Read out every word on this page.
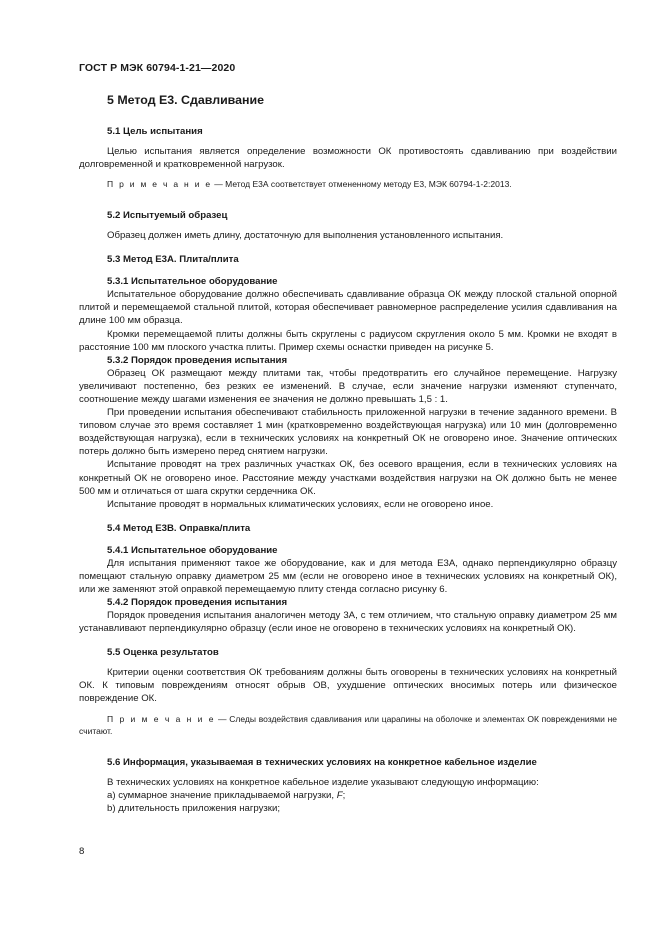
ГОСТ Р МЭК 60794-1-21—2020
5 Метод Е3. Сдавливание
5.1 Цель испытания

Целью испытания является определение возможности ОК противостоять сдавливанию при воздействии долговременной и кратковременной нагрузок.

П р и м е ч а н и е — Метод Е3А соответствует отмененному методу Е3, МЭК 60794-1-2:2013.
5.2 Испытуемый образец

Образец должен иметь длину, достаточную для выполнения установленного испытания.

5.3 Метод Е3А. Плита/плита
5.3.1 Испытательное оборудование

Испытательное оборудование должно обеспечивать сдавливание образца ОК между плоской стальной опорной плитой и перемещаемой стальной плитой, которая обеспечивает равномерное распределение усилия сдавливания на длине 100 мм образца.

Кромки перемещаемой плиты должны быть скруглены с радиусом скругления около 5 мм. Кромки не входят в расстояние 100 мм плоского участка плиты. Пример схемы оснастки приведен на рисунке 5.

5.3.2 Порядок проведения испытания

Образец ОК размещают между плитами так, чтобы предотвратить его случайное перемещение. Нагрузку увеличивают постепенно, без резких ее изменений. В случае, если значение нагрузки изменяют ступенчато, соотношение между шагами изменения ее значения не должно превышать 1,5 : 1.

При проведении испытания обеспечивают стабильность приложенной нагрузки в течение заданного времени. В типовом случае это время составляет 1 мин (кратковременно воздействующая нагрузка) или 10 мин (долговременно воздействующая нагрузка), если в технических условиях на конкретный ОК не оговорено иное. Значение оптических потерь должно быть измерено перед снятием нагрузки.

Испытание проводят на трех различных участках ОК, без осевого вращения, если в технических условиях на конкретный ОК не оговорено иное. Расстояние между участками воздействия нагрузки на ОК должно быть не менее 500 мм и отличаться от шага скрутки сердечника ОК.

Испытание проводят в нормальных климатических условиях, если не оговорено иное.

5.4 Метод Е3В. Оправка/плита
5.4.1 Испытательное оборудование

Для испытания применяют такое же оборудование, как и для метода Е3А, однако перпендикулярно образцу помещают стальную оправку диаметром 25 мм (если не оговорено иное в технических условиях на конкретный ОК), или же заменяют этой оправкой перемещаемую плиту стенда согласно рисунку 6.

5.4.2 Порядок проведения испытания

Порядок проведения испытания аналогичен методу 3А, с тем отличием, что стальную оправку диаметром 25 мм устанавливают перпендикулярно образцу (если иное не оговорено в технических условиях на конкретный ОК).

5.5 Оценка результатов

Критерии оценки соответствия ОК требованиям должны быть оговорены в технических условиях на конкретный ОК. К типовым повреждениям относят обрыв ОВ, ухудшение оптических вносимых потерь или физическое повреждение ОК.

П р и м е ч а н и е — Следы воздействия сдавливания или царапины на оболочке и элементах ОК повреждениями не считают.
5.6 Информация, указываемая в технических условиях на конкретное кабельное изделие

В технических условиях на конкретное кабельное изделие указывают следующую информацию:

a) суммарное значение прикладываемой нагрузки, F;
b) длительность приложения нагрузки;
8
